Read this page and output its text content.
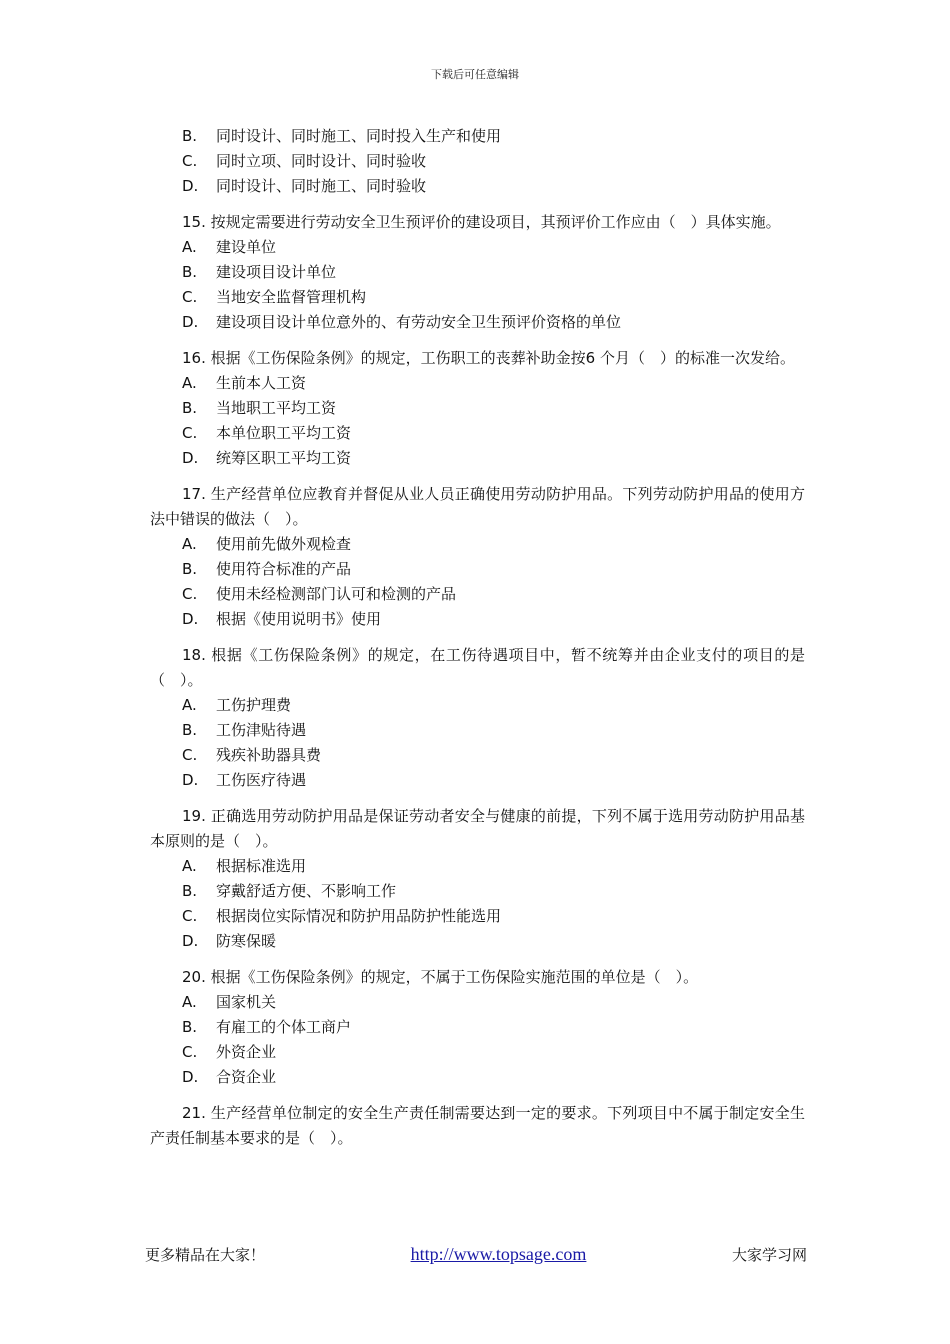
下载后可任意编辑
B.	同时设计、同时施工、同时投入生产和使用
C.	同时立项、同时设计、同时验收
D.	同时设计、同时施工、同时验收
15. 按规定需要进行劳动安全卫生预评价的建设项目，其预评价工作应由（　）具体实施。
A.	建设单位
B.	建设项目设计单位
C.	当地安全监督管理机构
D.	建设项目设计单位意外的、有劳动安全卫生预评价资格的单位
16. 根据《工伤保险条例》的规定，工伤职工的丧葬补助金按6 个月（　）的标准一次发给。
A.	生前本人工资
B.	当地职工平均工资
C.	本单位职工平均工资
D.	统筹区职工平均工资
17. 生产经营单位应教育并督促从业人员正确使用劳动防护用品。下列劳动防护用品的使用方法中错误的做法（　）。
A.	使用前先做外观检查
B.	使用符合标准的产品
C.	使用未经检测部门认可和检测的产品
D.	根据《使用说明书》使用
18. 根据《工伤保险条例》的规定，在工伤待遇项目中，暂不统筹并由企业支付的项目的是（　）。
A.	工伤护理费
B.	工伤津贴待遇
C.	残疾补助器具费
D.	工伤医疗待遇
19. 正确选用劳动防护用品是保证劳动者安全与健康的前提，下列不属于选用劳动防护用品基本原则的是（　）。
A.	根据标准选用
B.	穿戴舒适方便、不影响工作
C.	根据岗位实际情况和防护用品防护性能选用
D.	防寒保暖
20. 根据《工伤保险条例》的规定，不属于工伤保险实施范围的单位是（　）。
A.	国家机关
B.	有雇工的个体工商户
C.	外资企业
D.	合资企业
21. 生产经营单位制定的安全生产责任制需要达到一定的要求。下列项目中不属于制定安全生产责任制基本要求的是（　）。
更多精品在大家！	http://www.topsage.com	大家学习网
